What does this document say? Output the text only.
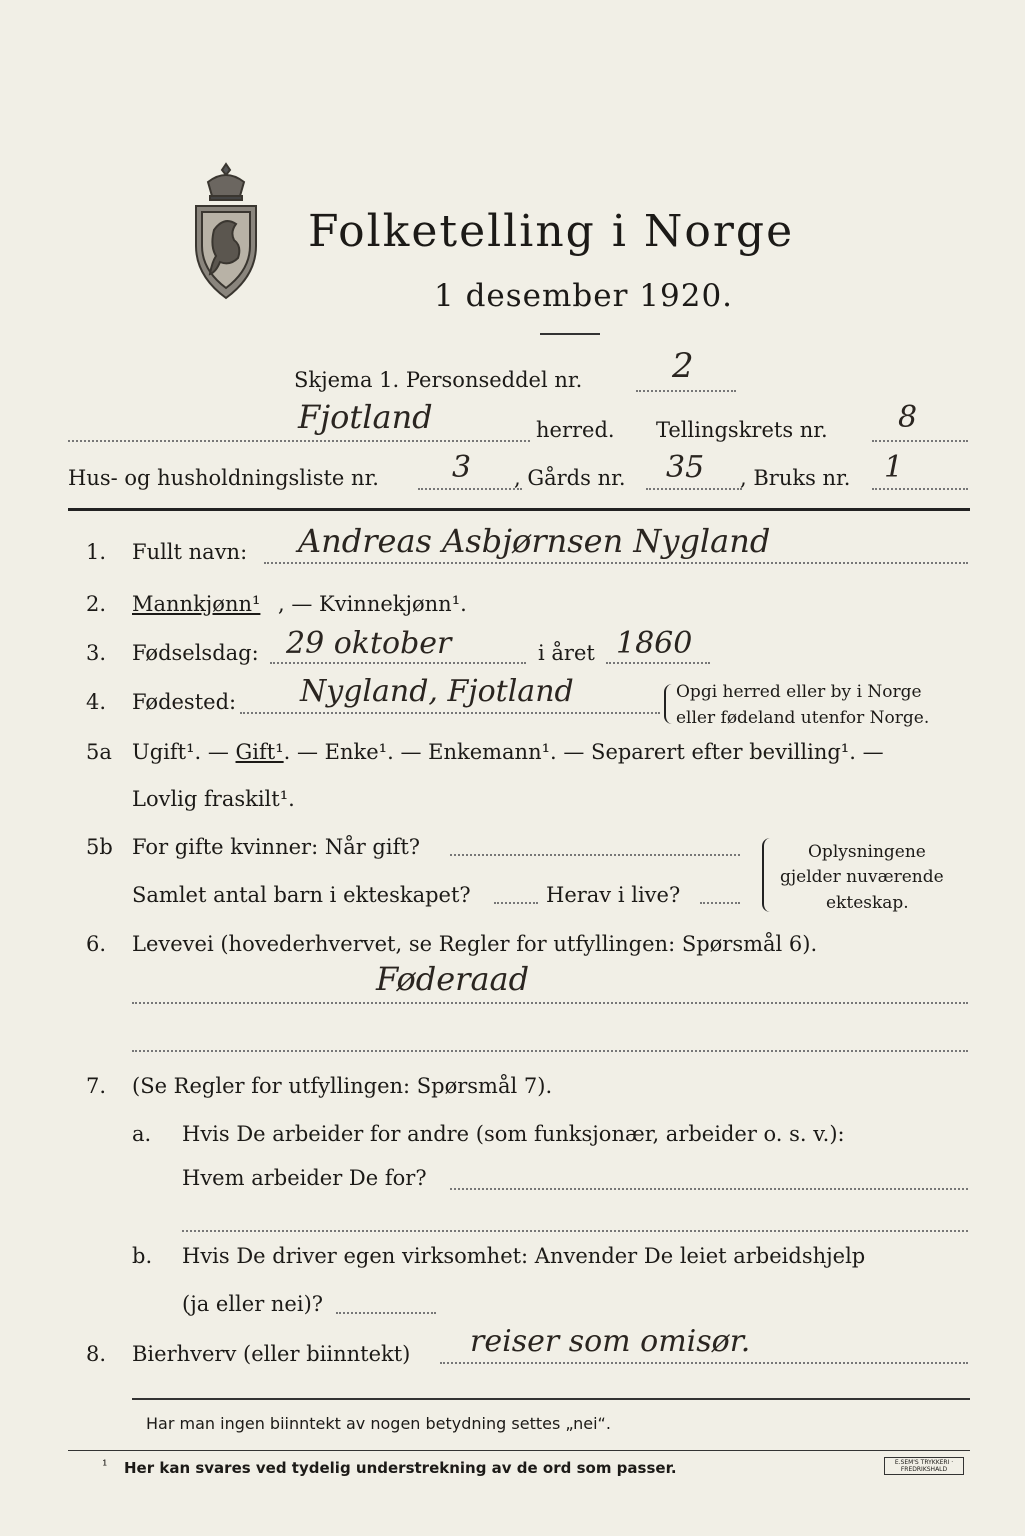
Folketelling i Norge
1 desember 1920.
Skjema 1. Personseddel nr.	2
Fjotland	herred. Tellingskrets nr. 8
Hus- og husholdningsliste nr. 3 , Gårds nr. 35 , Bruks nr. 1
1. Fullt navn: Andreas Asbjørnsen Nygland
2. Mannkjønn¹ , — Kvinnekjønn¹.
3. Fødselsdag: 29 oktober	i året 1860
4. Fødested: Nygland, Fjotland	Opgi herred eller by i Norge
eller fødeland utenfor Norge.
5a Ugift¹. — Gift¹. — Enke¹. — Enkemann¹. — Separert efter bevilling¹. —
Lovlig fraskilt¹.
5b For gifte kvinner: Når gift?
Samlet antal barn i ekteskapet?	Herav i live?
Oplysningene
gjelder nuværende
ekteskap.
6. Levevei (hovederhvervet, se Regler for utfyllingen: Spørsmål 6).
Føderaad
7. (Se Regler for utfyllingen: Spørsmål 7).
a. Hvis De arbeider for andre (som funksjonær, arbeider o. s. v.):
Hvem arbeider De for?
b. Hvis De driver egen virksomhet: Anvender De leiet arbeidshjelp
(ja eller nei)?
8. Bierhverv (eller biinntekt) reiser som omisør.
Har man ingen biinntekt av nogen betydning settes „nei“.
¹ Her kan svares ved tydelig understrekning av de ord som passer.	E.SEM'S TRYKKERI · FREDRIKSHALD
